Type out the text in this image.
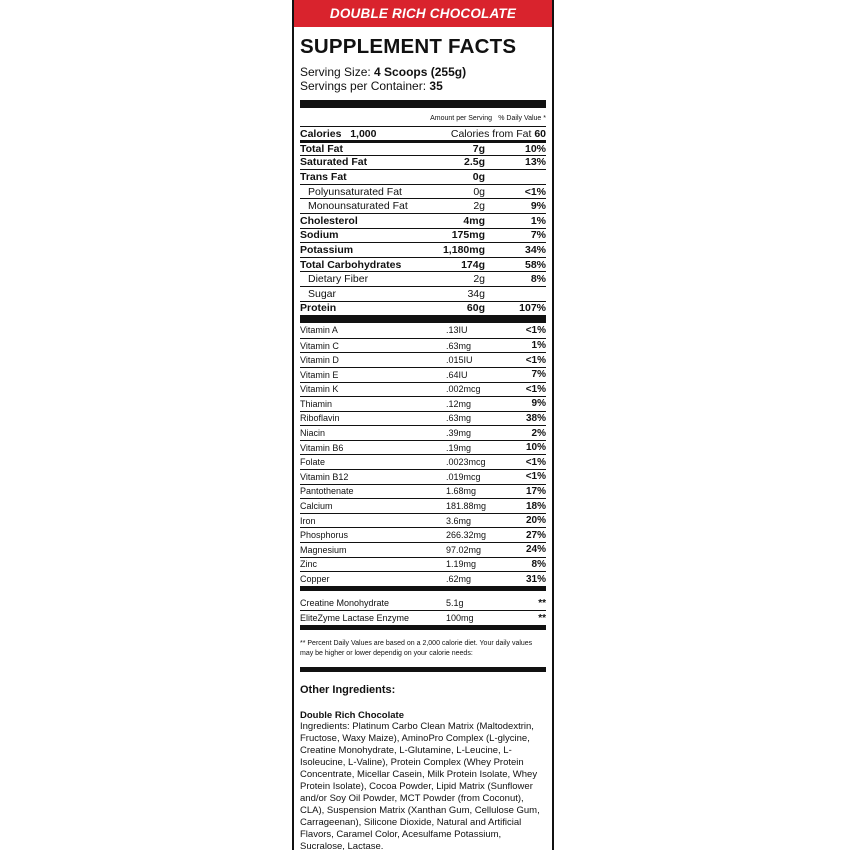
DOUBLE RICH CHOCOLATE
SUPPLEMENT FACTS
Serving Size: 4 Scoops (255g)
Servings per Container: 35
Amount per Serving % Daily Value *
Calories 1,000	Calories from Fat 60
Total Fat	7g	10%
Saturated Fat	2.5g	13%
Trans Fat	0g
Polyunsaturated Fat	0g	<1%
Monounsaturated Fat	2g	9%
Cholesterol	4mg	1%
Sodium	175mg	7%
Potassium	1,180mg	34%
Total Carbohydrates	174g	58%
Dietary Fiber	2g	8%
Sugar	34g
Protein	60g	107%
Vitamin A	.13IU	<1%
Vitamin C	.63mg	1%
Vitamin D	.015IU	<1%
Vitamin E	.64IU	7%
Vitamin K	.002mcg	<1%
Thiamin	.12mg	9%
Riboflavin	.63mg	38%
Niacin	.39mg	2%
Vitamin B6	.19mg	10%
Folate	.0023mcg	<1%
Vitamin B12	.019mcg	<1%
Pantothenate	1.68mg	17%
Calcium	181.88mg	18%
Iron	3.6mg	20%
Phosphorus	266.32mg	27%
Magnesium	97.02mg	24%
Zinc	1.19mg	8%
Copper	.62mg	31%
Creatine Monohydrate	5.1g	**
EliteZyme Lactase Enzyme	100mg	**
** Percent Daily Values are based on a 2,000 calorie diet. Your daily values may be higher or lower dependig on your calorie needs:
Other Ingredients:
Double Rich Chocolate
Ingredients: Platinum Carbo Clean Matrix (Maltodextrin, Fructose, Waxy Maize), AminoPro Complex (L-glycine, Creatine Monohydrate, L-Glutamine, L-Leucine, L-Isoleucine, L-Valine), Protein Complex (Whey Protein Concentrate, Micellar Casein, Milk Protein Isolate, Whey Protein Isolate), Cocoa Powder, Lipid Matrix (Sunflower and/or Soy Oil Powder, MCT Powder (from Coconut), CLA), Suspension Matrix (Xanthan Gum, Cellulose Gum, Carrageenan), Silicone Dioxide, Natural and Artificial Flavors, Caramel Color, Acesulfame Potassium, Sucralose, Lactase.
